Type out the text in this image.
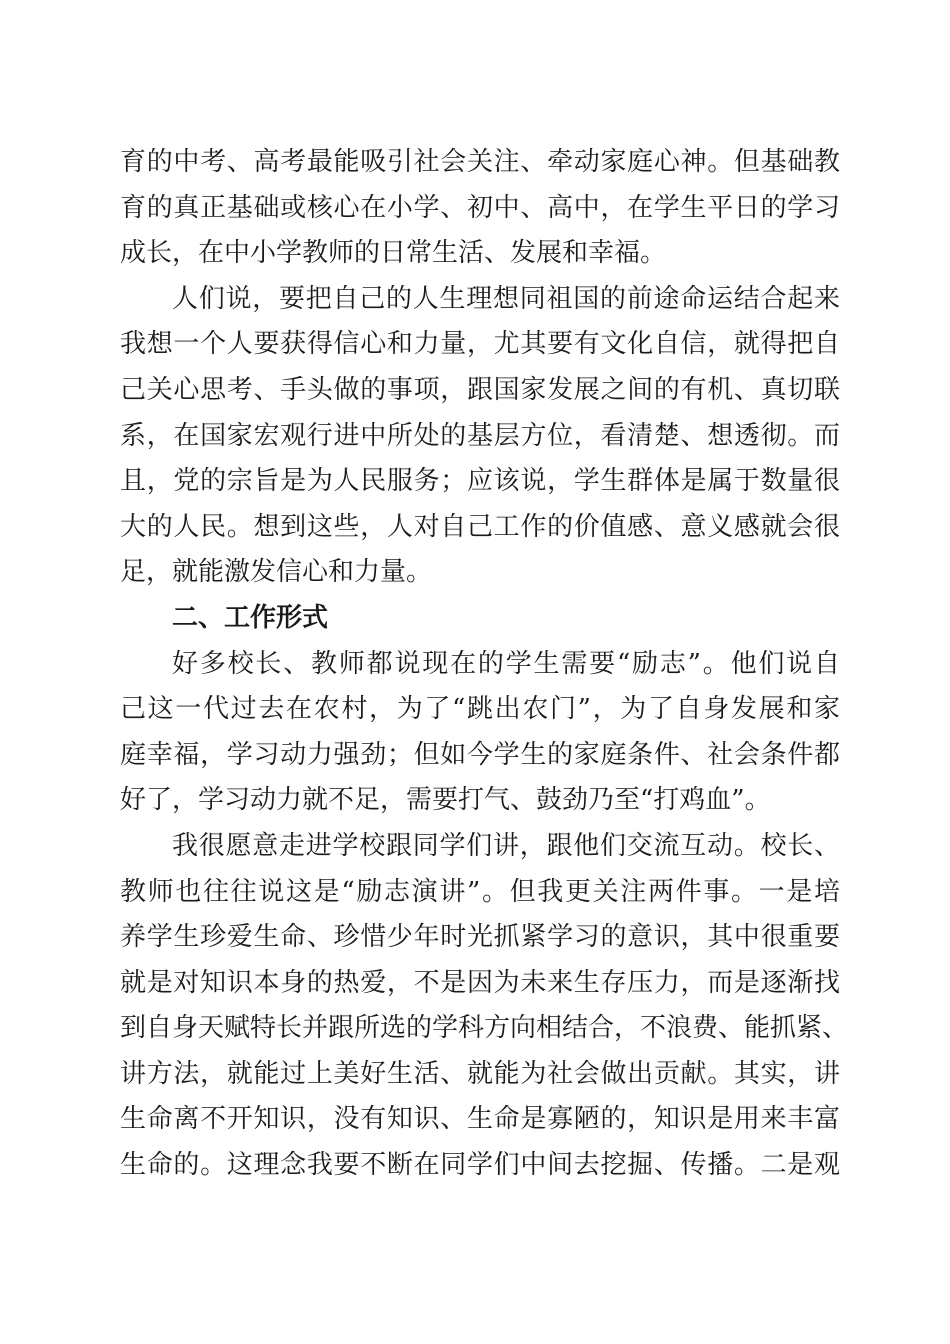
育的中考、高考最能吸引社会关注、牵动家庭心神。但基础教
育的真正基础或核心在小学、初中、高中，在学生平日的学习
成长，在中小学教师的日常生活、发展和幸福。
人们说，要把自己的人生理想同祖国的前途命运结合起来
我想一个人要获得信心和力量，尤其要有文化自信，就得把自
己关心思考、手头做的事项，跟国家发展之间的有机、真切联
系，在国家宏观行进中所处的基层方位，看清楚、想透彻。而
且，党的宗旨是为人民服务；应该说，学生群体是属于数量很
大的人民。想到这些，人对自己工作的价值感、意义感就会很
足，就能激发信心和力量。
二、工作形式
好多校长、教师都说现在的学生需要“励志”。他们说自
己这一代过去在农村，为了“跳出农门”，为了自身发展和家
庭幸福，学习动力强劲；但如今学生的家庭条件、社会条件都
好了，学习动力就不足，需要打气、鼓劲乃至“打鸡血”。
我很愿意走进学校跟同学们讲，跟他们交流互动。校长、
教师也往往说这是“励志演讲”。但我更关注两件事。一是培
养学生珍爱生命、珍惜少年时光抓紧学习的意识，其中很重要
就是对知识本身的热爱，不是因为未来生存压力，而是逐渐找
到自身天赋特长并跟所选的学科方向相结合，不浪费、能抓紧、
讲方法，就能过上美好生活、就能为社会做出贡献。其实，讲
生命离不开知识，没有知识、生命是寡陋的，知识是用来丰富
生命的。这理念我要不断在同学们中间去挖掘、传播。二是观
